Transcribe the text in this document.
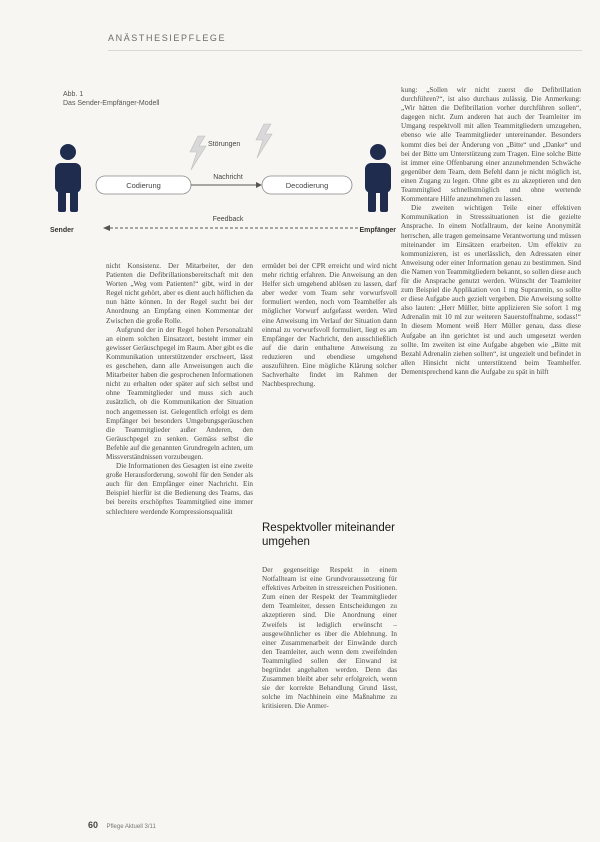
ANÄSTHESIEPFLEGE
Abb. 1
Das Sender-Empfänger-Modell
Störungen
Codierung
Nachricht
Decodierung
Feedback
Sender	Empfänger

nicht Konsistenz. Der Mitarbeiter, der den Patienten die Defibrillationsbereitschaft mit den Worten „Weg vom Patienten!“ gibt, wird in der Regel nicht gehört, aber es dient auch höflichen da nun hätte können. In der Regel sucht bei der Anordnung an Empfang einen Kommentar der Zwischen die große Rolle.

Aufgrund der in der Regel hohen Personalzahl an einem solchen Einsatzort, besteht immer ein gewisser Geräuschpegel im Raum. Aber gibt es die Kommunikation unterstützender erschwert, lässt es geschehen, dann alle Anweisungen auch die Mitarbeiter haben die gesprochenen Informationen nicht zu erhalten oder später auf sich selbst und ohne Teammitglieder und muss sich auch zusätzlich, ob die Kommunikation der Situation noch angemessen ist. Gelegentlich erfolgt es dem Empfänger bei besonders Umgebungsgeräuschen die Teammitglieder außer Anderen, den Geräuschpegel zu senken. Gemäss selbst die Befehle auf die genannten Grundregeln achten, um Missverständnissen vorzubeugen.

Die Informationen des Gesagten ist eine zweite große Herausforderung, sowohl für den Sender als auch für den Empfänger einer Nachricht. Ein Beispiel hierfür ist die Bedienung des Teams, das bei bereits erschöpftes Teammitglied eine immer schlechtere werdende Kompressionsqualität

ermüdet bei der CPR erreicht und wird nicht mehr richtig erfahren. Die Anweisung an den Helfer sich umgehend ablösen zu lassen, darf aber weder vom Team sehr vorwurfsvoll formuliert werden, noch vom Teamhelfer als möglicher Vorwurf aufgefasst werden. Wird eine Anweisung im Verlauf der Situation dann einmal zu vorwurfsvoll formuliert, liegt es am Empfänger der Nachricht, den ausschließlich auf die darin enthaltene Anweisung zu reduzieren und ebendiese umgehend auszuführen. Eine mögliche Klärung solcher Sachverhalte findet im Rahmen der Nachbesprechung.

Respektvoller miteinander umgehen

Der gegenseitige Respekt in einem Notfallteam ist eine Grundvoraussetzung für effektives Arbeiten in stressreichen Positionen. Zum einen der Respekt der Teammitglieder dem Teamleiter, dessen Entscheidungen zu akzeptieren sind. Die Anordnung einer Zweifels ist lediglich erwünscht – ausgewöhnlicher es über die Ablehnung. In einer Zusammenarbeit der Einwände durch den Teamleiter, auch wenn dem zweifelnden Teammitglied sollen der Einwand ist begründet angehalten werden. Denn das Zusammen bleibt aber sehr erfolgreich, wenn sie der korrekte Behandlung Grund lässt, solche im Nachhinein eine Maßnahme zu kritisieren. Die Anmer-

kung: „Sollen wir nicht zuerst die Defibrillation durchführen?“, ist also durchaus zulässig. Die Anmerkung: „Wir hätten die Defibrillation vorher durchführen sollen“, dagegen nicht. Zum anderen hat auch der Teamleiter im Umgang respektvoll mit allen Teammitgliedern umzugehen, ebenso wie alle Teammitglieder untereinander. Besonders kommt dies bei der Änderung von „Bitte“ und „Danke“ und bei der Bitte um Unterstützung zum Tragen. Eine solche Bitte ist immer eine Offenbarung einer anzunehmenden Schwäche gegenüber dem Team, dem Befehl dann je nicht möglich ist, einen Zugang zu legen. Ohne gibt es zu akzeptieren und den Teammitglied schnellstmöglich und ohne wertende Kommentare Hilfe anzunehmen zu lassen.

Die zweiten wichtigen Teile einer effektiven Kommunikation in Stresssituationen ist die gezielte Ansprache. In einem Notfallraum, der keine Anonymität herrschen, alle tragen gemeinsame Verantwortung und müssen miteinander im Einsätzen erarbeiten. Um effektiv zu kommunizieren, ist es unerlässlich, den Adressaten einer Anweisung oder einer Information genau zu bestimmen. Sind die Namen von Teammitgliedern bekannt, so sollen diese auch für die Ansprache genutzt werden. Wünscht der Teamleiter zum Beispiel die Applikation von 1 mg Suprarenin, so sollte er diese Aufgabe auch gezielt vergeben. Die Anweisung sollte also lauten: „Herr Müller, bitte applizieren Sie sofort 1 mg Adrenalin mit 10 ml zur weiteren Sauerstoffnahme, sodass!“ In diesem Moment weiß Herr Müller genau, dass diese Aufgabe an ihn gerichtet ist und auch umgesetzt werden sollte. Im zweiten ist eine Aufgabe abgeben wie „Bitte mit Bezahl Adrenalin ziehen sollten“, ist ungezielt und befindet in allen Hinsicht nicht unterstützend beim Teamhelfer. Dementsprechend kann die Aufgabe zu spät in hilft

60 Pflege Aktuell 3/11
